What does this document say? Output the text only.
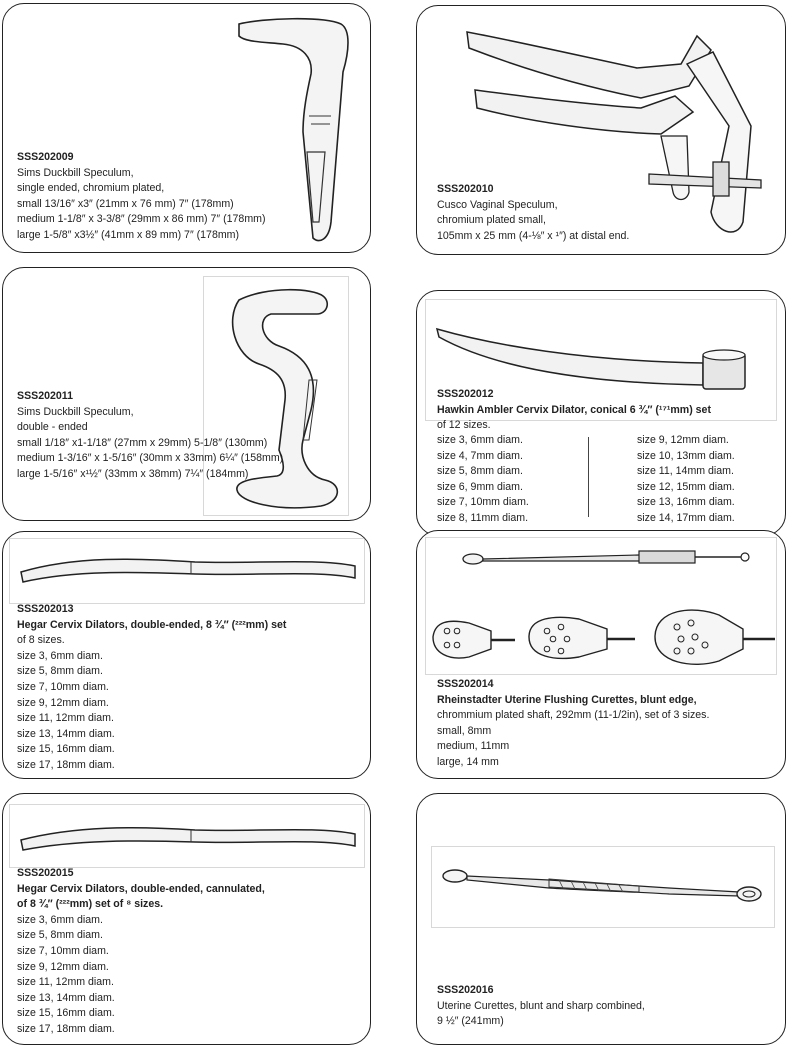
SSS202009
Sims Duckbill Speculum,
single ended, chromium plated,
small 13/16″ x3″ (21mm x 76 mm) 7″ (178mm)
medium 1-1/8″ x 3-3/8″ (29mm x 86 mm) 7″ (178mm)
large 1-5/8″ x3½″ (41mm x 89 mm) 7″ (178mm)
SSS202010
Cusco Vaginal Speculum,
chromium plated small,
105mm x 25 mm (4-⅛″ x ¹″) at distal end.
SSS202011
Sims Duckbill Speculum,
double - ended
small 1/18″ x1-1/18″ (27mm x 29mm) 5-1/8″ (130mm)
medium 1-3/16″ x 1-5/16″ (30mm x 33mm) 6¼″ (158mm)
large 1-5/16″ x¹½″ (33mm x 38mm) 7¼″ (184mm)
SSS202012
Hawkin Ambler Cervix Dilator, conical 6 ¾″ (¹⁷¹mm) set
of 12 sizes.
size 3, 6mm diam.
size 4, 7mm diam.
size 5, 8mm diam.
size 6, 9mm diam.
size 7, 10mm diam.
size 8, 11mm diam.
size 9, 12mm diam.
size 10, 13mm diam.
size 11, 14mm diam.
size 12, 15mm diam.
size 13, 16mm diam.
size 14, 17mm diam.
SSS202013
Hegar Cervix Dilators, double-ended, 8 ¾″ (²²²mm) set
of 8 sizes.
size 3, 6mm diam.
size 5, 8mm diam.
size 7, 10mm diam.
size 9, 12mm diam.
size 11, 12mm diam.
size 13, 14mm diam.
size 15, 16mm diam.
size 17, 18mm diam.
SSS202014
Rheinstadter Uterine Flushing Curettes, blunt edge,
chrommium plated shaft, 292mm (11-1/2in), set of 3 sizes.
small, 8mm
medium, 11mm
large, 14 mm
SSS202015
Hegar Cervix Dilators, double-ended, cannulated,
of 8 ¾″ (²²²mm) set of ⁸ sizes.
size 3, 6mm diam.
size 5, 8mm diam.
size 7, 10mm diam.
size 9, 12mm diam.
size 11, 12mm diam.
size 13, 14mm diam.
size 15, 16mm diam.
size 17, 18mm diam.
SSS202016
Uterine Curettes, blunt and sharp combined,
9 ½″ (241mm)
